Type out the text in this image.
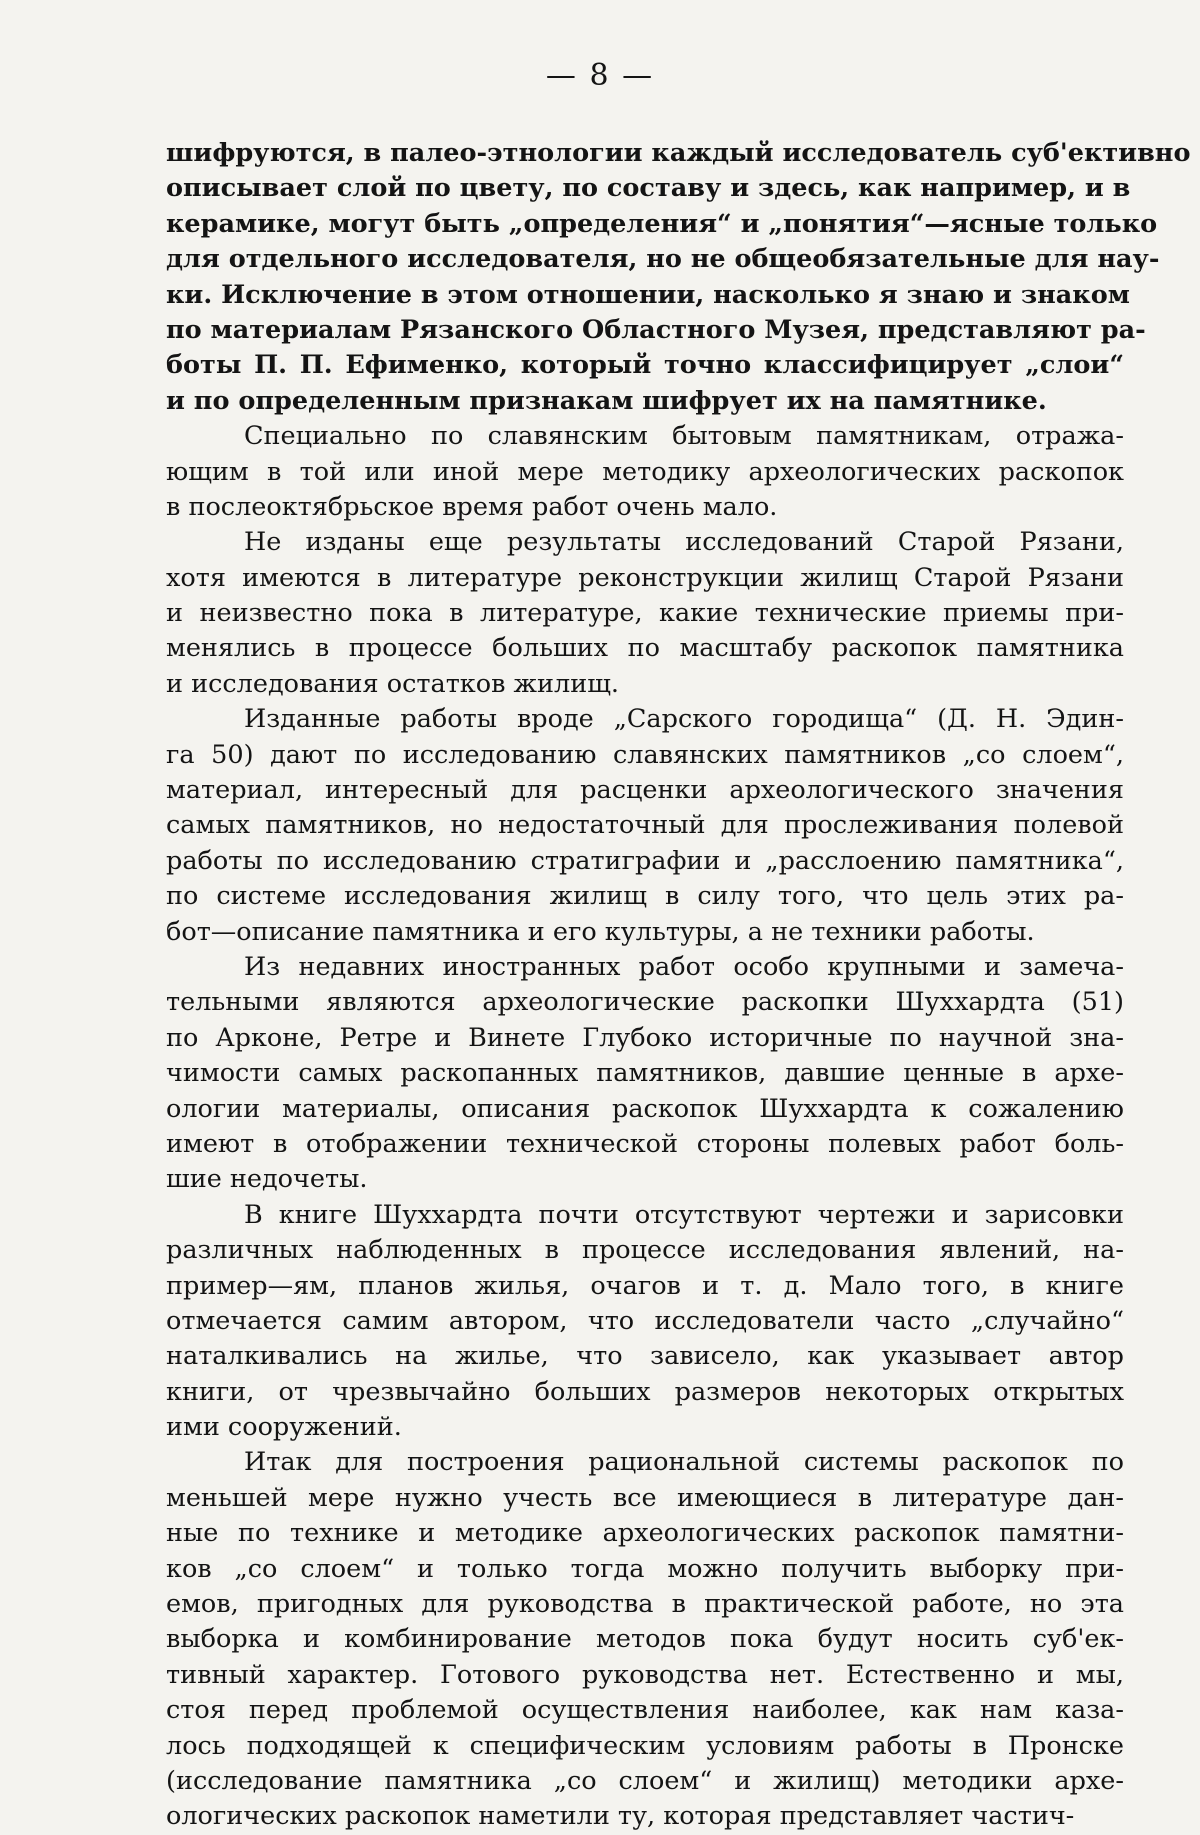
— 8 —
шифруются, в палео-этнологии каждый исследователь суб'ективно
описывает слой по цвету, по составу и здесь, как например, и в
керамике, могут быть „определения“ и „понятия“—ясные только
для отдельного исследователя, но не общеобязательные для нау-
ки. Исключение в этом отношении, насколько я знаю и знаком
по материалам Рязанского Областного Музея, представляют ра-
боты П. П. Ефименко, который точно классифицирует „слои“
и по определенным признакам шифрует их на памятнике.
Специально по славянским бытовым памятникам, отража-
ющим в той или иной мере методику археологических раскопок
в послеоктябрьское время работ очень мало.
Не изданы еще результаты исследований Старой Рязани,
хотя имеются в литературе реконструкции жилищ Старой Рязани
и неизвестно пока в литературе, какие технические приемы при-
менялись в процессе больших по масштабу раскопок памятника
и исследования остатков жилищ.
Изданные работы вроде „Сарского городища“ (Д. Н. Эдин-
га 50) дают по исследованию славянских памятников „со слоем“,
материал, интересный для расценки археологического значения
самых памятников, но недостаточный для прослеживания полевой
работы по исследованию стратиграфии и „расслоению памятника“,
по системе исследования жилищ в силу того, что цель этих ра-
бот—описание памятника и его культуры, а не техники работы.
Из недавних иностранных работ особо крупными и замеча-
тельными являются археологические раскопки Шуххардта (51)
по Арконе, Ретре и Винете Глубоко историчные по научной зна-
чимости самых раскопанных памятников, давшие ценные в архе-
ологии материалы, описания раскопок Шуххардта к сожалению
имеют в отображении технической стороны полевых работ боль-
шие недочеты.
В книге Шуххардта почти отсутствуют чертежи и зарисовки
различных наблюденных в процессе исследования явлений, на-
пример—ям, планов жилья, очагов и т. д. Мало того, в книге
отмечается самим автором, что исследователи часто „случайно“
наталкивались на жилье, что зависело, как указывает автор
книги, от чрезвычайно больших размеров некоторых открытых
ими сооружений.
Итак для построения рациональной системы раскопок по
меньшей мере нужно учесть все имеющиеся в литературе дан-
ные по технике и методике археологических раскопок памятни-
ков „со слоем“ и только тогда можно получить выборку при-
емов, пригодных для руководства в практической работе, но эта
выборка и комбинирование методов пока будут носить суб'ек-
тивный характер. Готового руководства нет. Естественно и мы,
стоя перед проблемой осуществления наиболее, как нам каза-
лось подходящей к специфическим условиям работы в Пронске
(исследование памятника „со слоем“ и жилищ) методики архе-
ологических раскопок наметили ту, которая представляет частич-
